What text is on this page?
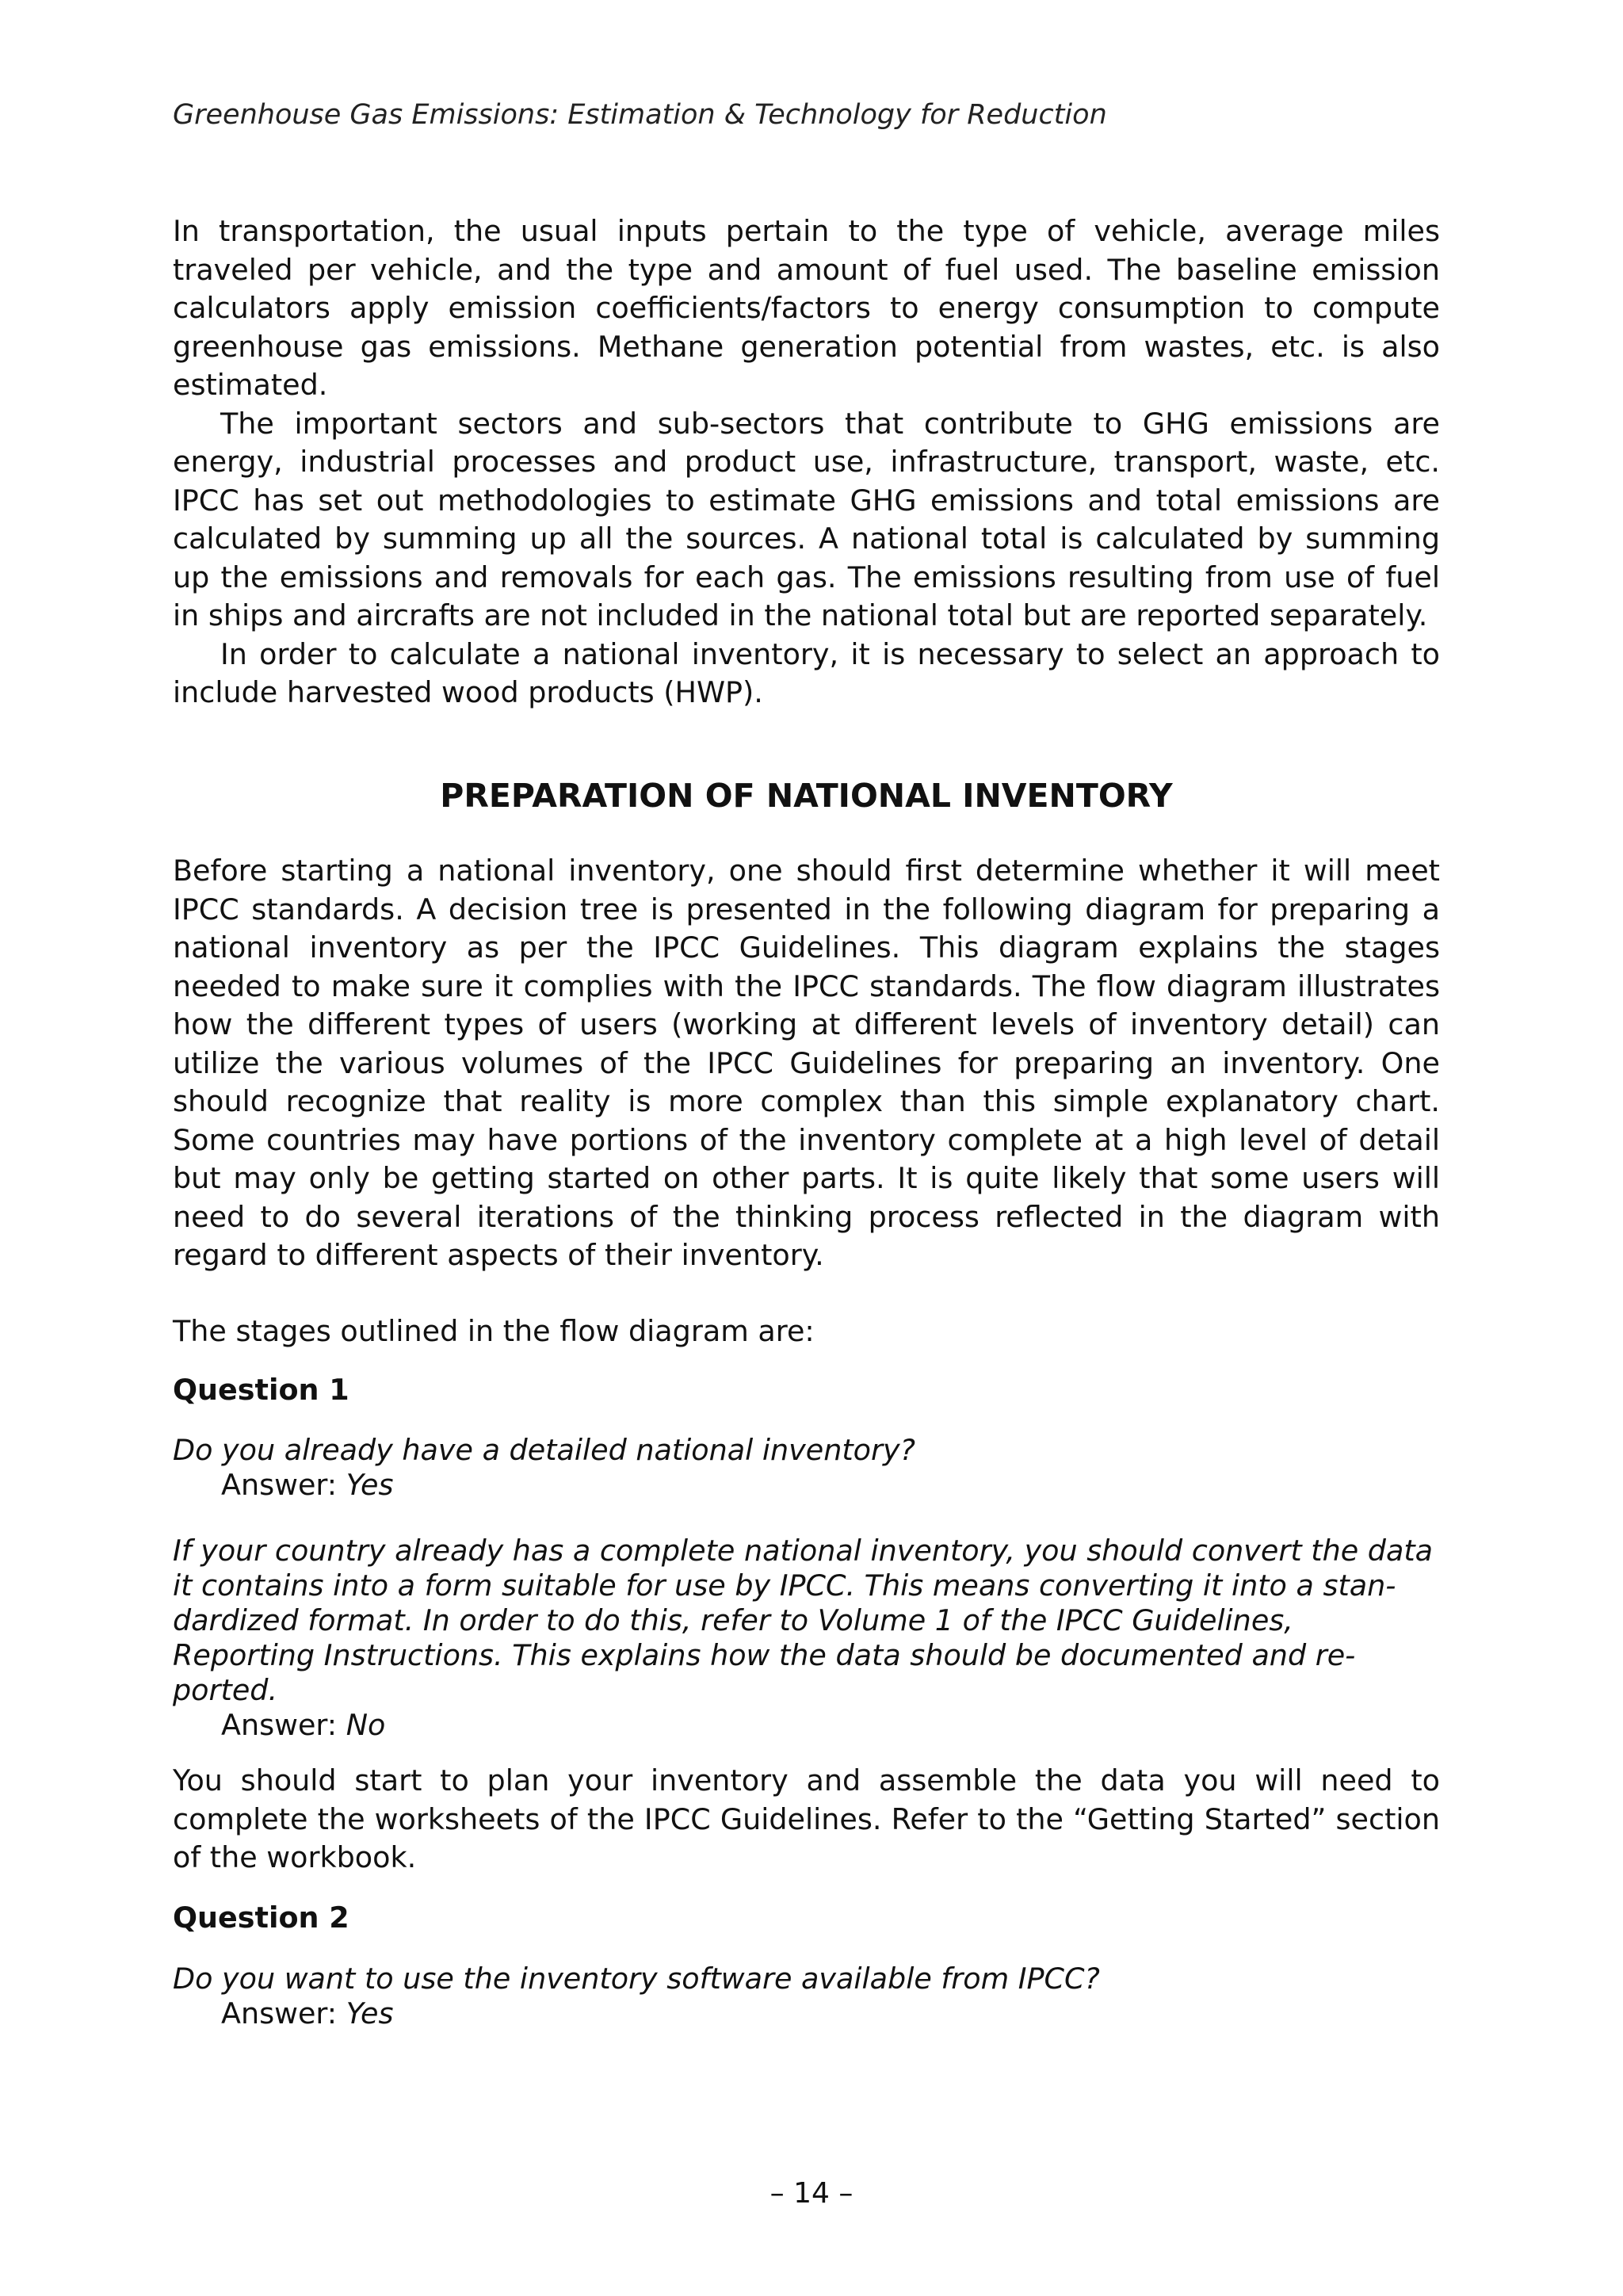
Greenhouse Gas Emissions: Estimation & Technology for Reduction

In transportation, the usual inputs pertain to the type of vehicle, average miles traveled per vehicle, and the type and amount of fuel used. The baseline emission calculators apply emission coefficients/factors to energy consumption to compute greenhouse gas emissions. Methane generation potential from wastes, etc. is also estimated.

The important sectors and sub-sectors that contribute to GHG emissions are energy, industrial processes and product use, infrastructure, transport, waste, etc. IPCC has set out methodologies to estimate GHG emissions and total emissions are calculated by summing up all the sources. A national total is calculated by summing up the emissions and removals for each gas. The emissions resulting from use of fuel in ships and aircrafts are not included in the national total but are reported separately.

In order to calculate a national inventory, it is necessary to select an approach to include harvested wood products (HWP).

PREPARATION OF NATIONAL INVENTORY

Before starting a national inventory, one should first determine whether it will meet IPCC standards. A decision tree is presented in the following diagram for preparing a national inventory as per the IPCC Guidelines. This diagram explains the stages needed to make sure it complies with the IPCC standards. The flow diagram illustrates how the different types of users (working at different levels of inventory detail) can utilize the various volumes of the IPCC Guidelines for preparing an inventory. One should recognize that reality is more complex than this simple explanatory chart. Some countries may have portions of the inventory complete at a high level of detail but may only be getting started on other parts. It is quite likely that some users will need to do several iterations of the thinking process reflected in the diagram with regard to different aspects of their inventory.

The stages outlined in the flow diagram are:

Question 1

Do you already have a detailed national inventory?

Answer: Yes
If your country already has a complete national inventory, you should convert the data
it contains into a form suitable for use by IPCC. This means converting it into a stan-
dardized format. In order to do this, refer to Volume 1 of the IPCC Guidelines,
Reporting Instructions. This explains how the data should be documented and re-
ported.
Answer: No

You should start to plan your inventory and assemble the data you will need to complete the worksheets of the IPCC Guidelines. Refer to the “Getting Started” section of the workbook.

Question 2

Do you want to use the inventory software available from IPCC?

Answer: Yes
– 14 –
